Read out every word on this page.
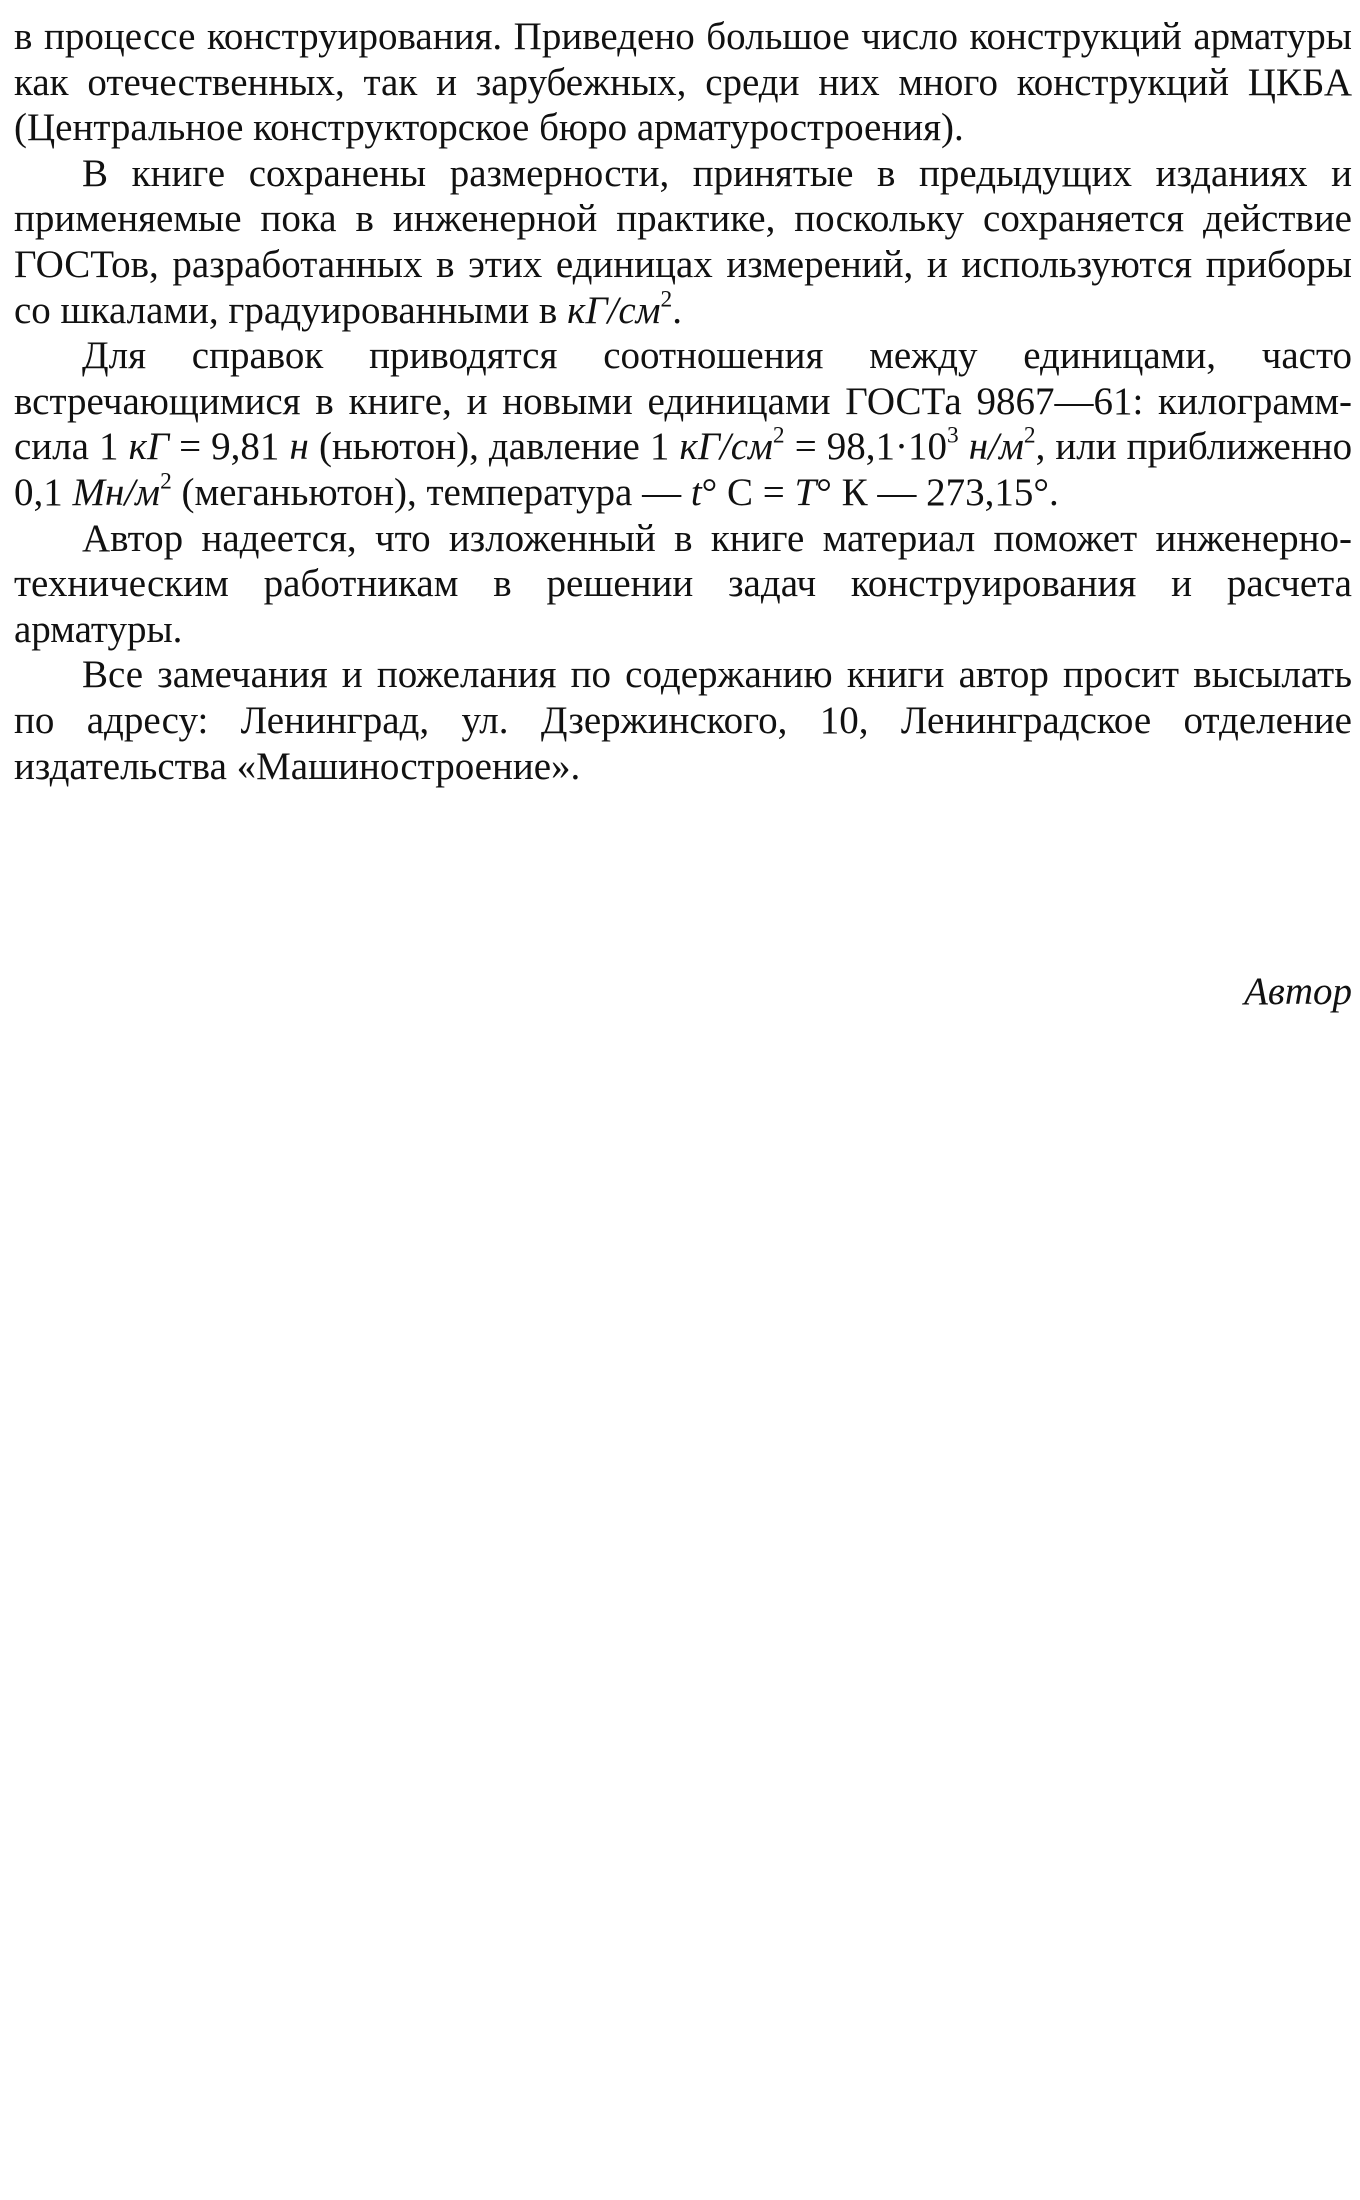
в процессе конструирования. Приведено большое число конструкций арматуры как отечественных, так и зарубежных, среди них много конструкций ЦКБА (Центральное конструкторское бюро арматуростроения).

В книге сохранены размерности, принятые в предыдущих изданиях и применяемые пока в инженерной практике, поскольку сохраняется действие ГОСТов, разработанных в этих единицах измерений, и используются приборы со шкалами, градуированными в $кГ/см^2$.

Для справок приводятся соотношения между единицами, часто встречающимися в книге, и новыми единицами ГОСТа 9867—61: килограмм-сила 1 кГ = 9,81 н (ньютон), давление 1 $кГ/см^2 = 98,1\cdot 10^3$ $н/м^2$, или приближенно 0,1 $Мн/м^2$ (меганьютон), температура — t° С = T° К — 273,15°.

Автор надеется, что изложенный в книге материал поможет инженерно-техническим работникам в решении задач конструирования и расчета арматуры.

Все замечания и пожелания по содержанию книги автор просит высылать по адресу: Ленинград, ул. Дзержинского, 10, Ленинградское отделение издательства «Машиностроение».

Автор
